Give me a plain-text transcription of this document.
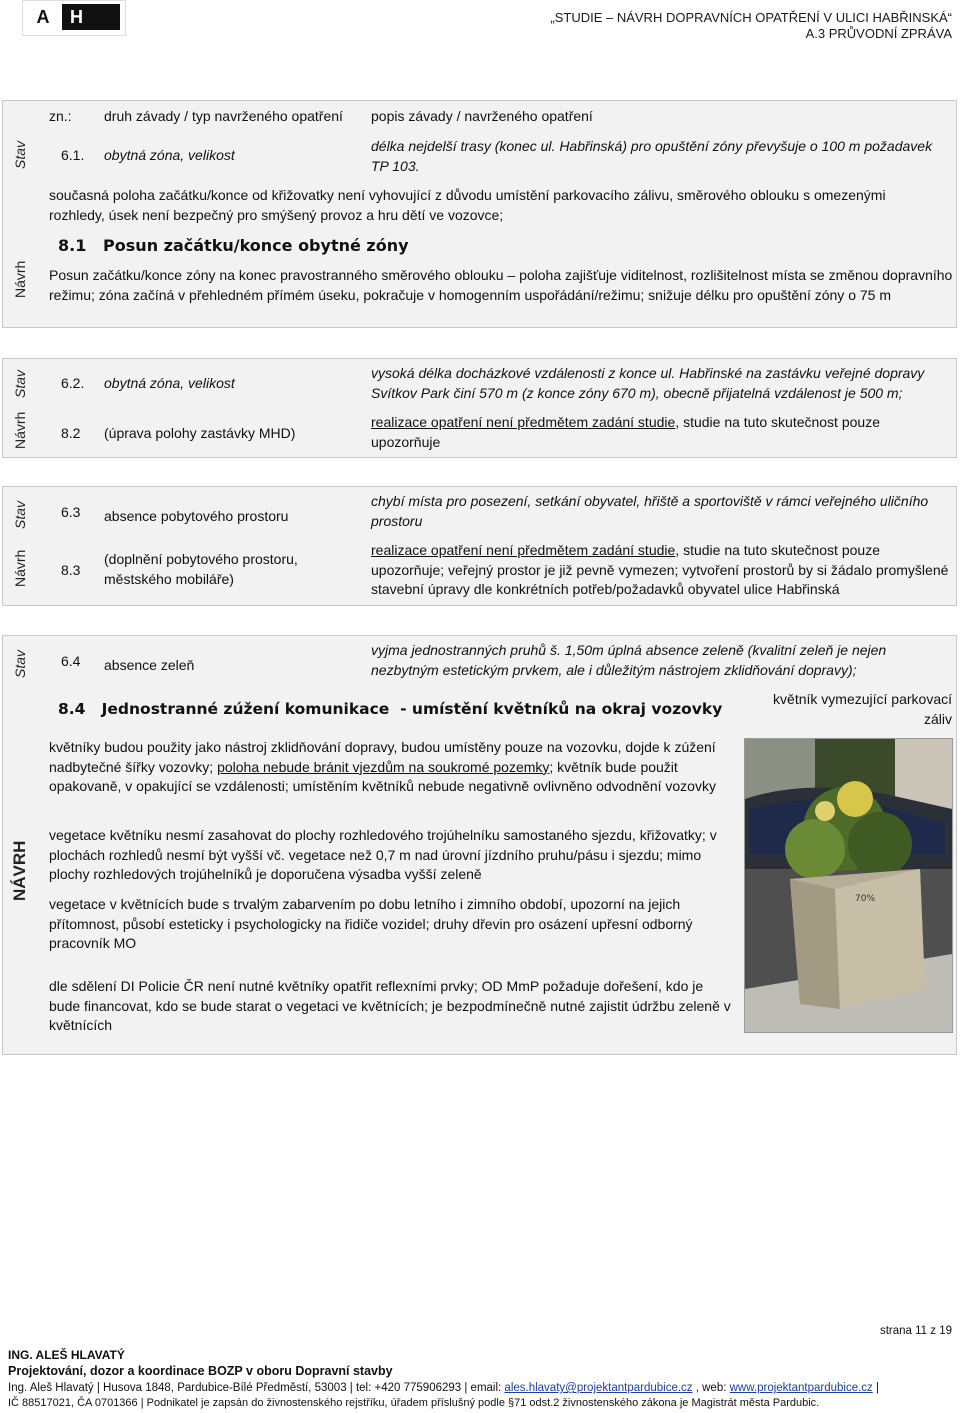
A	H	„STUDIE – NÁVRH DOPRAVNÍCH OPATŘENÍ V ULICI HABŘINSKÁ“
A.3 PRŮVODNÍ ZPRÁVA
zn.: druh závady / typ navrženého opatření popis závady / navrženého opatření
Stav 6.1. obytná zóna, velikost
délka nejdelší trasy (konec ul. Habřinská) pro opuštění zóny převyšuje o 100 m požadavek TP 103.
současná poloha začátku/konce od křižovatky není vyhovující z důvodu umístění parkovacího zálivu, směrového oblouku s omezenými rozhledy, úsek není bezpečný pro smýšený provoz a hru dětí ve vozovce;
Návrh
8.1   Posun začátku/konce obytné zóny
Posun začátku/konce zóny na konec pravostranného směrového oblouku – poloha zajišťuje viditelnost, rozlišitelnost místa se změnou dopravního režimu; zóna začíná v přehledném přímém úseku, pokračuje v homogenním uspořádání/režimu; snižuje délku pro opuštění zóny o 75 m
Stav
Návrh
6.2. obytná zóna, velikost
vysoká délka docházkové vzdálenosti z konce ul. Habřinské na zastávku veřejné dopravy Svítkov Park činí 570 m (z konce zóny 670 m), obecně přijatelná vzdálenost je 500 m;
8.2 (úprava polohy zastávky MHD)
realizace opatření není předmětem zadání studie, studie na tuto skutečnost pouze upozorňuje
Stav
Návrh
6.3 absence pobytového prostoru
chybí místa pro posezení, setkání obyvatel, hřiště a sportoviště v rámci veřejného uličního prostoru
8.3
(doplnění pobytového prostoru, městského mobiláře)
realizace opatření není předmětem zadání studie, studie na tuto skutečnost pouze upozorňuje; veřejný prostor je již pevně vymezen; vytvoření prostorů by si žádalo promyšlené stavební úpravy dle konkrétních potřeb/požadavků obyvatel ulice Habřinská
Stav 6.4 absence zeleň
vyjma jednostranných pruhů š. 1,50m úplná absence zeleně (kvalitní zeleň je nejen nezbytným estetickým prvkem, ale i důležitým nástrojem zklidňování dopravy);
8.4   Jednostranné zúžení komunikace  - umístění květníků na okraj vozovky
květník vymezující parkovací záliv
NÁVRH
květníky budou použity jako nástroj zklidňování dopravy, budou umístěny pouze na vozovku, dojde k zúžení nadbytečné šířky vozovky; poloha nebude bránit vjezdům na soukromé pozemky; květník bude použit opakovaně, v opakující se vzdálenosti; umístěním květníků nebude negativně ovlivněno odvodnění vozovky
vegetace květníku nesmí zasahovat do plochy rozhledového trojúhelníku samostaného sjezdu, křižovatky; v plochách rozhledů nesmí být vyšší vč. vegetace než 0,7 m nad úrovní jízdního pruhu/pásu i sjezdu; mimo plochy rozhledových trojúhelníků je doporučena výsadba vyšší zeleně
vegetace v květnících bude s trvalým zabarvením po dobu letního i zimního období, upozorní na jejich přítomnost, působí esteticky i psychologicky na řidiče vozidel; druhy dřevin pro osázení upřesní odborný pracovník MO
dle sdělení DI Policie ČR není nutné květníky opatřit reflexními prvky; OD MmP požaduje dořešení, kdo je bude financovat, kdo se bude starat o vegetaci ve květnících; je bezpodmínečně nutné zajistit údržbu zeleně v květnících
70%
strana 11 z 19
ING. ALEŠ HLAVATÝ
Projektování, dozor a koordinace BOZP v oboru Dopravní stavby
Ing. Aleš Hlavatý | Husova 1848, Pardubice-Bílé Předměstí, 53003 | tel: +420 775906293 | email: ales.hlavaty@projektantpardubice.cz , web: www.projektantpardubice.cz |
IČ 88517021, ČA 0701366 | Podnikatel je zapsán do živnostenského rejstříku, úřadem příslušný podle §71 odst.2 živnostenského zákona je Magistrát města Pardubic.
